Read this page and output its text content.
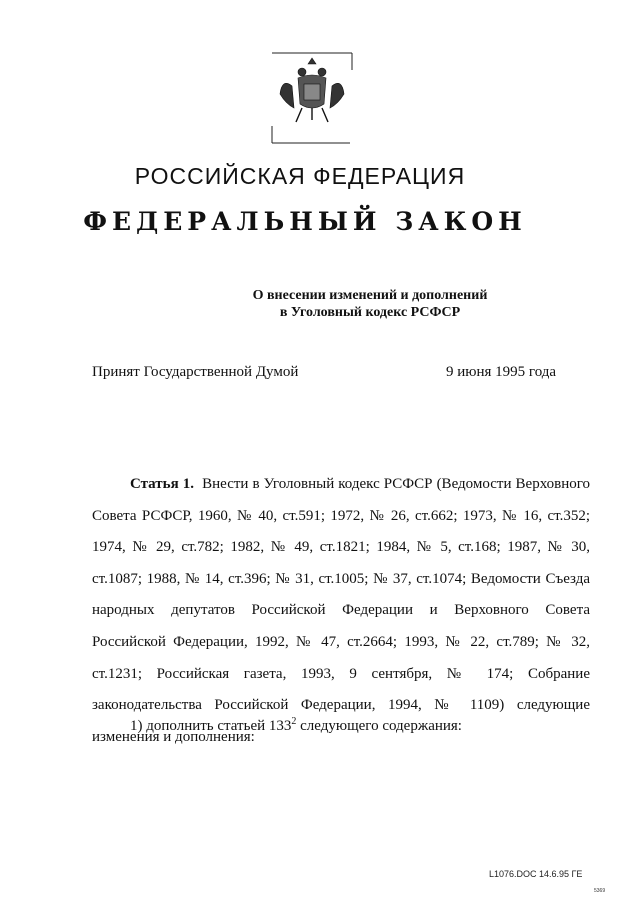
РОССИЙСКАЯ ФЕДЕРАЦИЯ
ФЕДЕРАЛЬНЫЙ ЗАКОН
О внесении изменений и дополнений
в Уголовный кодекс РСФСР
Принят Государственной Думой	9 июня 1995 года

Статья 1. Внести в Уголовный кодекс РСФСР (Ведомости Верховного Совета РСФСР, 1960, № 40, ст.591; 1972, № 26, ст.662; 1973, № 16, ст.352; 1974, № 29, ст.782; 1982, № 49, ст.1821; 1984, № 5, ст.168; 1987, № 30, ст.1087; 1988, № 14, ст.396; № 31, ст.1005; № 37, ст.1074; Ведомости Съезда народных депутатов Российской Федерации и Верховного Совета Российской Федерации, 1992, № 47, ст.2664; 1993, № 22, ст.789; № 32, ст.1231; Российская газета, 1993, 9 сентября, № 174; Собрание законодательства Российской Федерации, 1994, № 1109) следующие изменения и дополнения:

1) дополнить статьей $133^2$ следующего содержания:
L1076.DOC 14.6.95 ГЕ
5369
